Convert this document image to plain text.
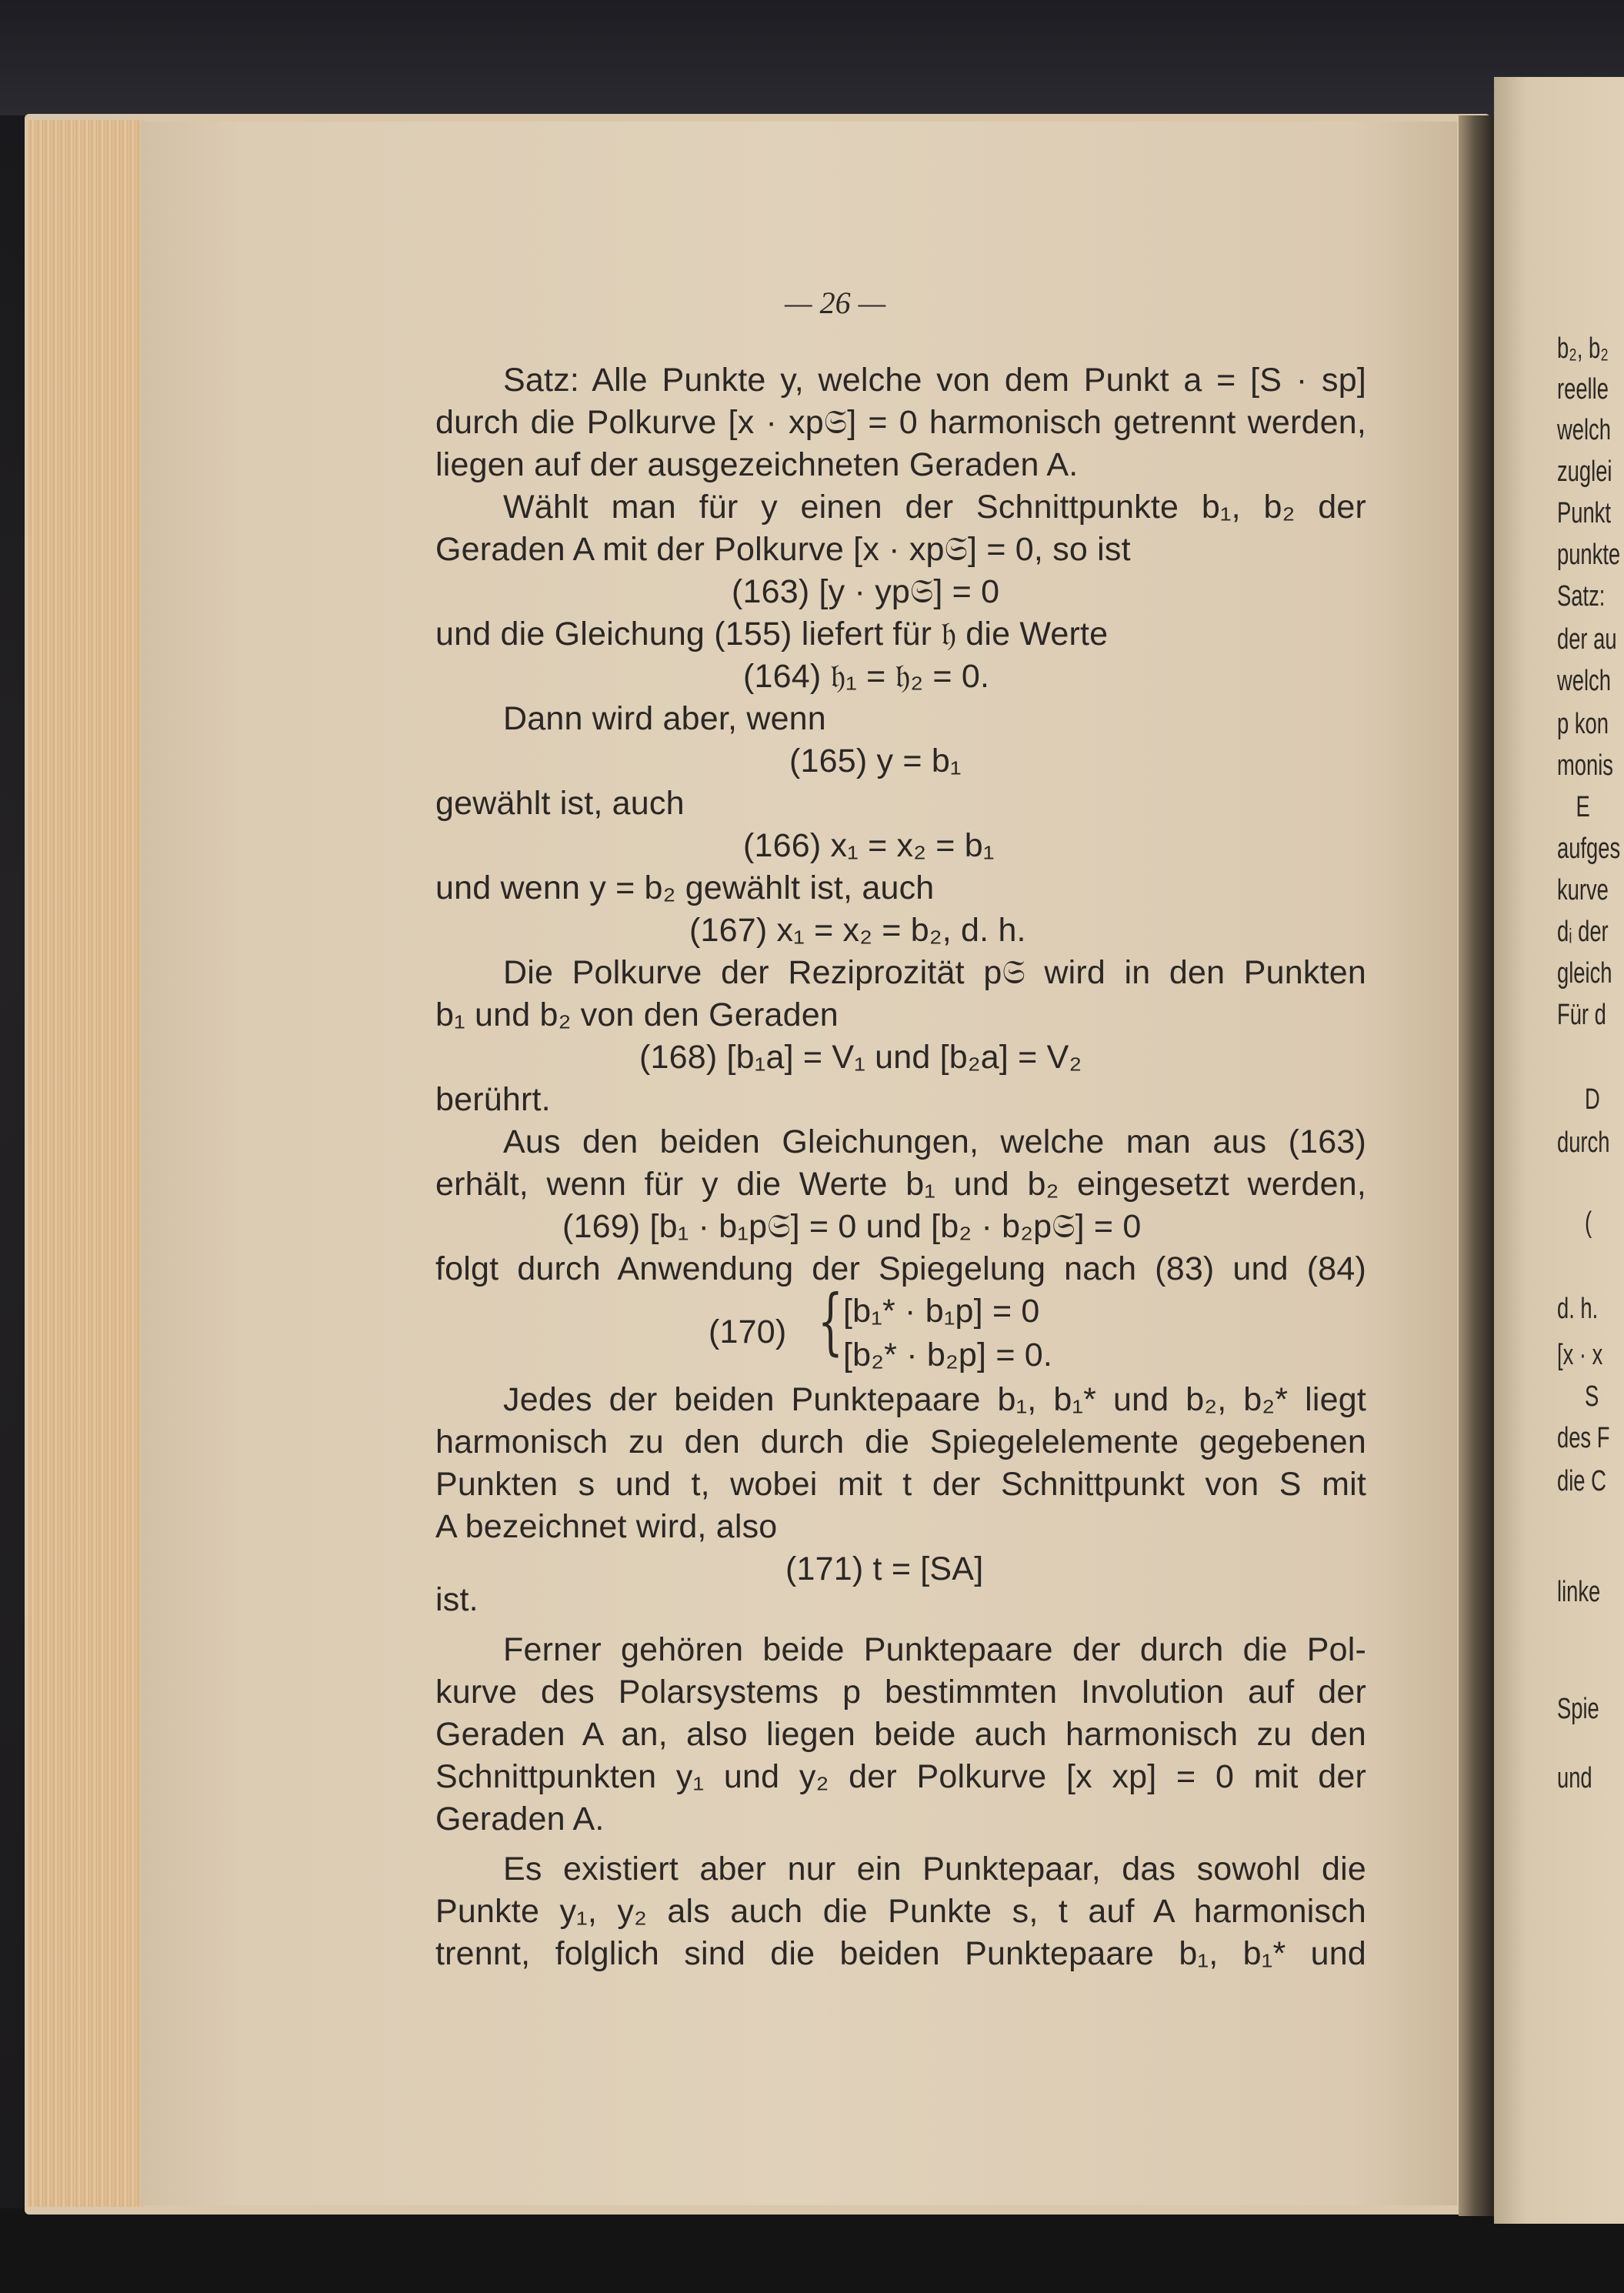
b₂, b₂
reelle
welch
zuglei
Punkt
punkte
Satz:
der au
welch
p kon
monis
E
aufges
kurve
dᵢ der
gleich
Für d
D
durch
(
d. h.
[x · x
S
des F
die C
linke
Spie
und
— 26 —
Satz: Alle Punkte y, welche von dem Punkt a = [S · sp]
durch die Polkurve [x · xp𝔖] = 0 harmonisch getrennt werden,
liegen auf der ausgezeichneten Geraden A.
Wählt man für y einen der Schnittpunkte b₁, b₂ der
Geraden A mit der Polkurve [x · xp𝔖] = 0, so ist
(163) [y · yp𝔖] = 0
und die Gleichung (155) liefert für 𝔥 die Werte
(164) 𝔥₁ = 𝔥₂ = 0.
Dann wird aber, wenn
(165) y = b₁
gewählt ist, auch
(166) x₁ = x₂ = b₁
und wenn y = b₂ gewählt ist, auch
(167) x₁ = x₂ = b₂, d. h.
Die Polkurve der Reziprozität p𝔖 wird in den Punkten
b₁ und b₂ von den Geraden
(168) [b₁a] = V₁ und [b₂a] = V₂
berührt.
Aus den beiden Gleichungen, welche man aus (163)
erhält, wenn für y die Werte b₁ und b₂ eingesetzt werden,
(169) [b₁ · b₁p𝔖] = 0 und [b₂ · b₂p𝔖] = 0
folgt durch Anwendung der Spiegelung nach (83) und (84)
(170) { [b₁* · b₁p] = 0
[b₂* · b₂p] = 0.
Jedes der beiden Punktepaare b₁, b₁* und b₂, b₂* liegt
harmonisch zu den durch die Spiegelelemente gegebenen
Punkten s und t, wobei mit t der Schnittpunkt von S mit
A bezeichnet wird, also
(171) t = [SA]
ist.
Ferner gehören beide Punktepaare der durch die Pol-
kurve des Polarsystems p bestimmten Involution auf der
Geraden A an, also liegen beide auch harmonisch zu den
Schnittpunkten y₁ und y₂ der Polkurve [x xp] = 0 mit der
Geraden A.
Es existiert aber nur ein Punktepaar, das sowohl die
Punkte y₁, y₂ als auch die Punkte s, t auf A harmonisch
trennt, folglich sind die beiden Punktepaare b₁, b₁* und
